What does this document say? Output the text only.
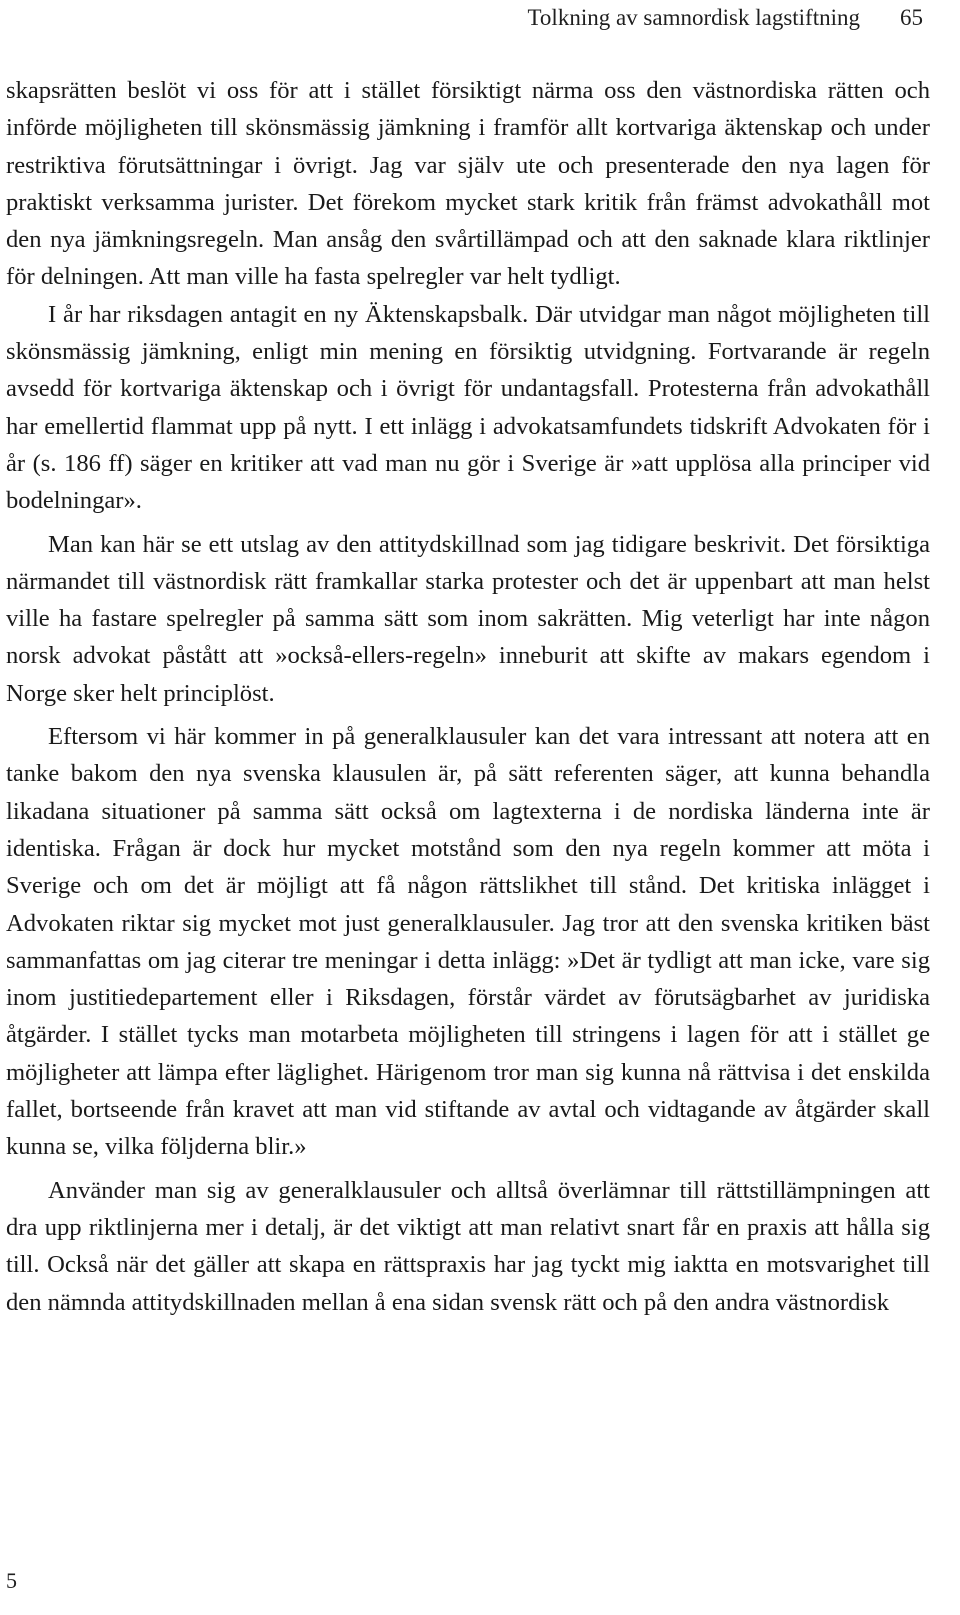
Tolkning av samnordisk lagstiftning 65

skapsrätten beslöt vi oss för att i stället försiktigt närma oss den västnordiska rätten och införde möjligheten till skönsmässig jämkning i framför allt kortvariga äktenskap och under restriktiva förutsättningar i övrigt. Jag var själv ute och presenterade den nya lagen för praktiskt verksamma jurister. Det förekom mycket stark kritik från främst advokathåll mot den nya jämkningsregeln. Man ansåg den svårtillämpad och att den saknade klara riktlinjer för delningen. Att man ville ha fasta spelregler var helt tydligt.

I år har riksdagen antagit en ny Äktenskapsbalk. Där utvidgar man något möjligheten till skönsmässig jämkning, enligt min mening en försiktig utvidgning. Fortvarande är regeln avsedd för kortvariga äktenskap och i övrigt för undantagsfall. Protesterna från advokathåll har emellertid flammat upp på nytt. I ett inlägg i advokatsamfundets tidskrift Advokaten för i år (s. 186 ff) säger en kritiker att vad man nu gör i Sverige är »att upplösa alla principer vid bodelningar».

Man kan här se ett utslag av den attitydskillnad som jag tidigare beskrivit. Det försiktiga närmandet till västnordisk rätt framkallar starka protester och det är uppenbart att man helst ville ha fastare spelregler på samma sätt som inom sakrätten. Mig veterligt har inte någon norsk advokat påstått att »också-ellers-regeln» inneburit att skifte av makars egendom i Norge sker helt principlöst.

Eftersom vi här kommer in på generalklausuler kan det vara intressant att notera att en tanke bakom den nya svenska klausulen är, på sätt referenten säger, att kunna behandla likadana situationer på samma sätt också om lagtexterna i de nordiska länderna inte är identiska. Frågan är dock hur mycket motstånd som den nya regeln kommer att möta i Sverige och om det är möjligt att få någon rättslikhet till stånd. Det kritiska inlägget i Advokaten riktar sig mycket mot just generalklausuler. Jag tror att den svenska kritiken bäst sammanfattas om jag citerar tre meningar i detta inlägg: »Det är tydligt att man icke, vare sig inom justitiedepartement eller i Riksdagen, förstår värdet av förutsägbarhet av juridiska åtgärder. I stället tycks man motarbeta möjligheten till stringens i lagen för att i stället ge möjligheter att lämpa efter läglighet. Härigenom tror man sig kunna nå rättvisa i det enskilda fallet, bortseende från kravet att man vid stiftande av avtal och vidtagande av åtgärder skall kunna se, vilka följderna blir.»

Använder man sig av generalklausuler och alltså överlämnar till rättstillämpningen att dra upp riktlinjerna mer i detalj, är det viktigt att man relativt snart får en praxis att hålla sig till. Också när det gäller att skapa en rättspraxis har jag tyckt mig iaktta en motsvarighet till den nämnda attitydskillnaden mellan å ena sidan svensk rätt och på den andra västnordisk

5
